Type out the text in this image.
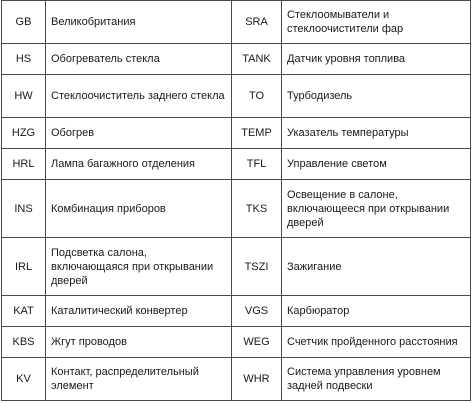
GB	Великобритания	SRA	Стеклоомыватели и стеклоочистители фар
HS	Обогреватель стекла	TANK	Датчик уровня топлива
HW	Стеклоочиститель заднего стекла	TO	Турбодизель
HZG	Обогрев	TEMP	Указатель температуры
HRL	Лампа багажного отделения	TFL	Управление светом
INS	Комбинация приборов	TKS	Освещение в салоне, включающееся при открывании дверей
IRL	Подсветка салона, включающаяся при открывании дверей	TSZI	Зажигание
KAT	Каталитический конвертер	VGS	Карбюратор
KBS	Жгут проводов	WEG	Счетчик пройденного расстояния
KV	Контакт, распределительный элемент	WHR	Система управления уровнем задней подвески
